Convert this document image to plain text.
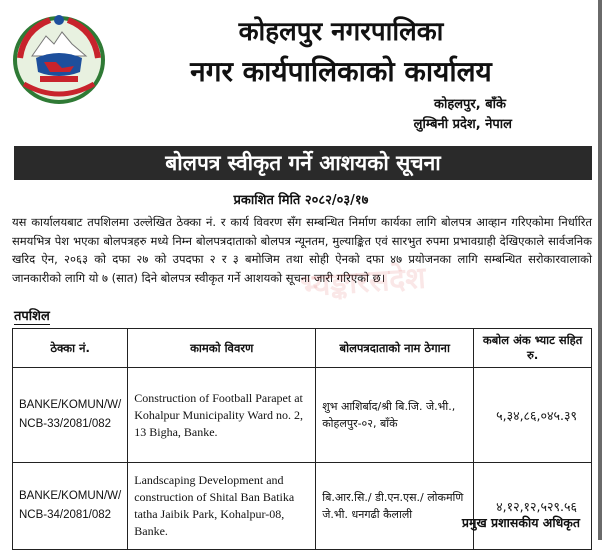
कोहलपुर नगरपालिका
नगर कार्यपालिकाको कार्यालय
कोहलपुर, बाँके
लुम्बिनी प्रदेश, नेपाल
बोलपत्र स्वीकृत गर्ने आशयको सूचना
प्रकाशित मिति २०८२/०३/१७
यस कार्यालयबाट तपशिलमा उल्लेखित ठेक्का नं. र कार्य विवरण सँग सम्बन्धित निर्माण कार्यका लागि बोलपत्र आव्हान गरिएकोमा निर्धारित समयभित्र पेश भएका बोलपत्रहरु मध्ये निम्न बोलपत्रदाताको बोलपत्र न्यूनतम, मुल्याङ्कित एवं सारभुत रुपमा प्रभावग्राही देखिएकाले सार्वजनिक खरिद ऐन, २०६३ को दफा २७ को उपदफा २ र ३ बमोजिम तथा सोही ऐनको दफा ४७ प्रयोजनका लागि सम्बन्धित सरोकारवालाको जानकारीको लागि यो ७ (सात) दिने बोलपत्र स्वीकृत गर्ने आशयको सूचना जारी गरिएको छ।
भ्यङ्कारसदेश
तपशिल
ठेक्का नं.	कामको विवरण	बोलपत्रदाताको नाम ठेगाना	कबोल अंक भ्याट सहित रु.
BANKE/KOMUN/W/ NCB-33/2081/082	Construction of Football Parapet at Kohalpur Municipality Ward no. 2, 13 Bigha, Banke.	शुभ आशिर्बाद/श्री बि.जि. जे.भी., कोहलपुर-०२, बाँके	५,३४,८६,०४५.३९
BANKE/KOMUN/W/ NCB-34/2081/082	Landscaping Development and construction of Shital Ban Batika tatha Jaibik Park, Kohalpur-08, Banke.	बि.आर.सि./ डी.एन.एस./ लोकमणि जे.भी. धनगढी कैलाली	४,१२,१२,५२९.५६
प्रमुख प्रशासकीय अधिकृत
